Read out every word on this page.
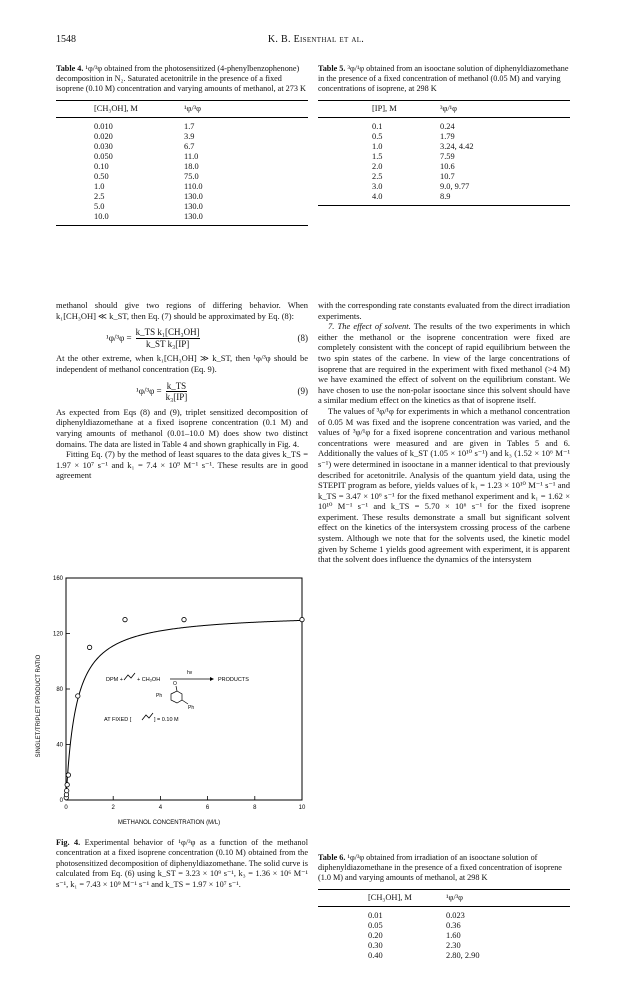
1548	K. B. Eisenthal et al.
Table 4. ¹φ/³φ obtained from the photosensitized (4-phenylbenzophenone) decomposition in N₂. Saturated acetonitrile in the presence of a fixed isoprene (0.10 M) concentration and varying amounts of methanol, at 273 K
[CH₃OH], M	¹φ/³φ
0.010	1.7
0.020	3.9
0.030	6.7
0.050	11.0
0.10	18.0
0.50	75.0
1.0	110.0
2.5	130.0
5.0	130.0
10.0	130.0
Table 5. ³φ/¹φ obtained from an isooctane solution of diphenyldiazomethane in the presence of a fixed concentration of methanol (0.05 M) and varying concentrations of isoprene, at 298 K
[IP], M	³φ/¹φ
0.1	0.24
0.5	1.79
1.0	3.24, 4.42
1.5	7.59
2.0	10.6
2.5	10.7
3.0	9.0, 9.77
4.0	8.9

methanol should give two regions of differing behavior. When k₁[CH₃OH] ≪ k_ST, then Eq. (7) should be approximated by Eq. (8):

$^1\varphi/^3\varphi = \frac{\text{k\_TS k₁[CH₃OH]}}{\text{k\_ST k₃[IP]}}$	(8)

At the other extreme, when k₁[CH₃OH] ≫ k_ST, then ¹φ/³φ should be independent of methanol concentration (Eq. 9).

$^1\varphi/^3\varphi = \frac{k\_TS}{\text{k₃[IP]}}$	(9)

As expected from Eqs (8) and (9), triplet sensitized decomposition of diphenyldiazomethane at a fixed isoprene concentration (0.1 M) and varying amounts of methanol (0.01–10.0 M) does show two distinct domains. The data are listed in Table 4 and shown graphically in Fig. 4.

Fitting Eq. (7) by the method of least squares to the data gives k_TS = 1.97 × 10⁷ s⁻¹ and k₁ = 7.4 × 10⁹ M⁻¹ s⁻¹. These results are in good agreement

0	2	4	6	8	10
0
40
80
120
160
SINGLET/TRIPLET PRODUCT RATIO
METHANOL CONCENTRATION (M/L)
DPM +	+ CH₃OH
hν
PRODUCTS
Ph
O
Ph
AT FIXED [	] = 0.10 M
Fig. 4. Experimental behavior of ¹φ/³φ as a function of the methanol concentration at a fixed isoprene concentration (0.10 M) obtained from the photosensitized decomposition of diphenyldiazomethane. The solid curve is calculated from Eq. (6) using k_ST = 3.23 × 10⁹ s⁻¹, k₃ = 1.36 × 10⁶ M⁻¹ s⁻¹, k₁ = 7.43 × 10⁹ M⁻¹ s⁻¹ and k_TS = 1.97 × 10⁷ s⁻¹.

with the corresponding rate constants evaluated from the direct irradiation experiments.

7. The effect of solvent. The results of the two experiments in which either the methanol or the isoprene concentration were fixed are completely consistent with the concept of rapid equilibrium between the two spin states of the carbene. In view of the large concentrations of isoprene that are required in the experiment with fixed methanol (>4 M) we have examined the effect of solvent on the equilibrium constant. We have chosen to use the non-polar isooctane since this solvent should have a similar medium effect on the kinetics as that of isoprene itself.

The values of ³φ/¹φ for experiments in which a methanol concentration of 0.05 M was fixed and the isoprene concentration was varied, and the values of ³φ/¹φ for a fixed isoprene concentration and various methanol concentrations were measured and are given in Tables 5 and 6. Additionally the values of k_ST (1.05 × 10¹⁰ s⁻¹) and k₃ (1.52 × 10⁶ M⁻¹ s⁻¹) were determined in isooctane in a manner identical to that previously described for acetonitrile. Analysis of the quantum yield data, using the STEPIT program as before, yields values of k₁ = 1.23 × 10¹⁰ M⁻¹ s⁻¹ and k_TS = 3.47 × 10⁶ s⁻¹ for the fixed methanol experiment and k₁ = 1.62 × 10¹⁰ M⁻¹ s⁻¹ and k_TS = 5.70 × 10⁶ s⁻¹ for the fixed isoprene experiment. These results demonstrate a small but significant solvent effect on the kinetics of the intersystem crossing process of the carbene system. Although we note that for the solvents used, the kinetic model given by Scheme 1 yields good agreement with experiment, it is apparent that the solvent does influence the dynamics of the intersystem

Table 6. ¹φ/³φ obtained from irradiation of an isooctane solution of diphenyldiazomethane in the presence of a fixed concentration of isoprene (1.0 M) and varying amounts of methanol, at 298 K
[CH₃OH], M	¹φ/³φ
0.01	0.023
0.05	0.36
0.20	1.60
0.30	2.30
0.40	2.80, 2.90
